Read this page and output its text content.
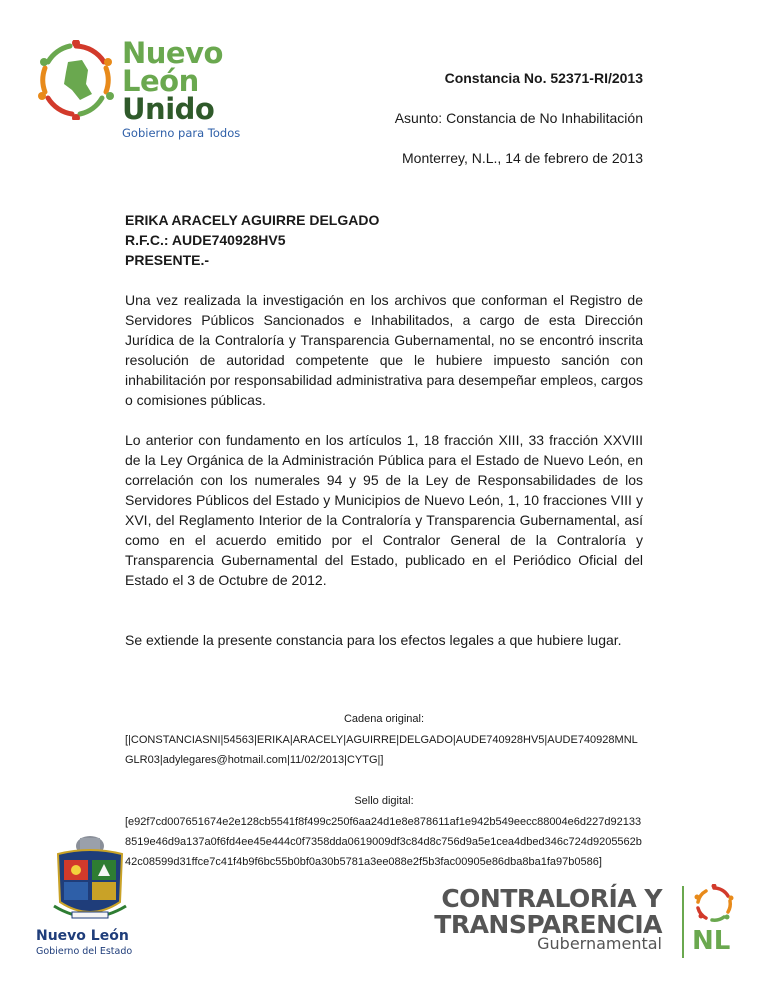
Nuevo
León
Unido
Gobierno para Todos
Constancia No. 52371-RI/2013
Asunto: Constancia de No Inhabilitación
Monterrey, N.L., 14 de febrero de 2013
ERIKA ARACELY AGUIRRE DELGADO
R.F.C.: AUDE740928HV5
PRESENTE.-

Una vez realizada la investigación en los archivos que conforman el Registro de Servidores Públicos Sancionados e Inhabilitados, a cargo de esta Dirección Jurídica de la Contraloría y Transparencia Gubernamental, no se encontró inscrita resolución de autoridad competente que le hubiere impuesto sanción con inhabilitación por responsabilidad administrativa para desempeñar empleos, cargos o comisiones públicas.

Lo anterior con fundamento en los artículos 1, 18 fracción XIII, 33 fracción XXVIII de la Ley Orgánica de la Administración Pública para el Estado de Nuevo León, en correlación con los numerales 94 y 95 de la Ley de Responsabilidades de los Servidores Públicos del Estado y Municipios de Nuevo León, 1, 10 fracciones VIII y XVI, del Reglamento Interior de la Contraloría y Transparencia Gubernamental, así como en el acuerdo emitido por el Contralor General de la Contraloría y Transparencia Gubernamental del Estado, publicado en el Periódico Oficial del Estado el 3 de Octubre de 2012.

Se extiende la presente constancia para los efectos legales a que hubiere lugar.

Cadena original:

[|CONSTANCIASNI|54563|ERIKA|ARACELY|AGUIRRE|DELGADO|AUDE740928HV5|AUDE740928MNLGLR03|adylegares@hotmail.com|11/02/2013|CYTG|]

Sello digital:

[e92f7cd007651674e2e128cb5541f8f499c250f6aa24d1e8e878611af1e942b549eecc88004e6d227d921338519e46d9a137a0f6fd4ee45e444c0f7358dda0619009df3c84d8c756d9a5e1cea4dbed346c724d9205562b42c08599d31ffce7c41f4b9f6bc55b0bf0a30b5781a3ee088e2f5b3fac00905e86dba8ba1fa97b0586]

Nuevo León
Gobierno del Estado
CONTRALORÍA Y
TRANSPARENCIA
Gubernamental NL
